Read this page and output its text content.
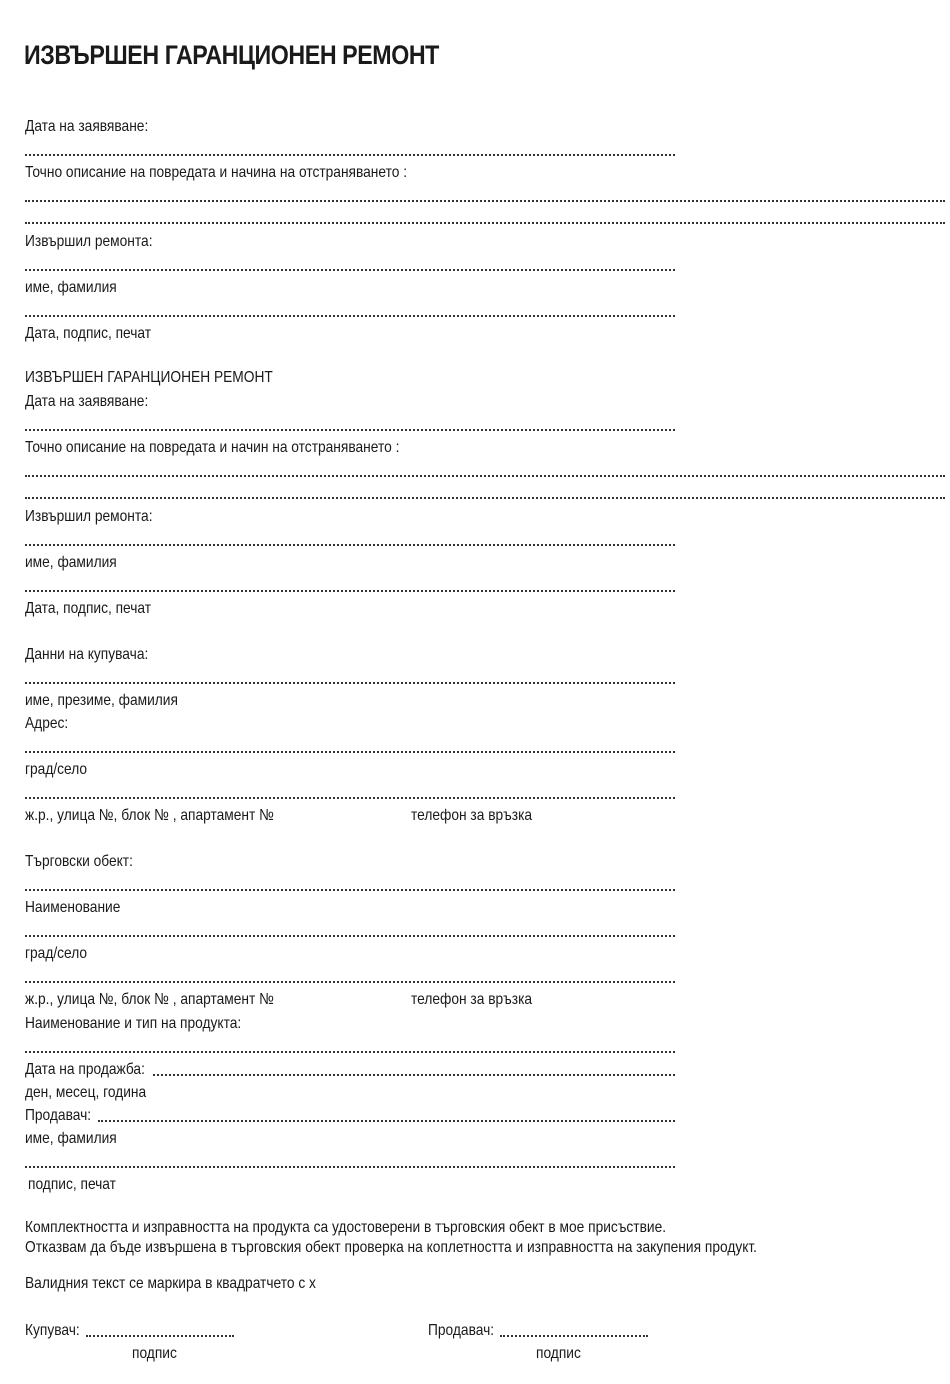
ИЗВЪРШЕН ГАРАНЦИОНЕН РЕМОНТ
Дата на заявяване:
Точно описание на повредата и начина на отстраняването :
Извършил ремонта:
име, фамилия
Дата, подпис, печат
ИЗВЪРШЕН ГАРАНЦИОНЕН РЕМОНТ
Дата на заявяване:
Точно описание на повредата и начин на отстраняването :
Извършил ремонта:
име, фамилия
Дата, подпис, печат
Данни на купувача:
име, презиме, фамилия
Адрес:
град/село
ж.р., улица №, блок № , апартамент №	телефон за връзка
Търговски обект:
Наименование
град/село
ж.р., улица №, блок № , апартамент №	телефон за връзка
Наименование и тип на продукта:
Дата на продажба:
ден, месец, година
Продавач:
име, фамилия
подпис, печат
Комплектността и изправността на продукта са удостоверени в търговския обект в мое присъствие.
Отказвам да бъде извършена в търговския обект проверка на коплетността и изправността на закупения продукт.
Валидния текст се маркира в квадратчето с х
Купувач:
подпис
Продавач:
подпис
